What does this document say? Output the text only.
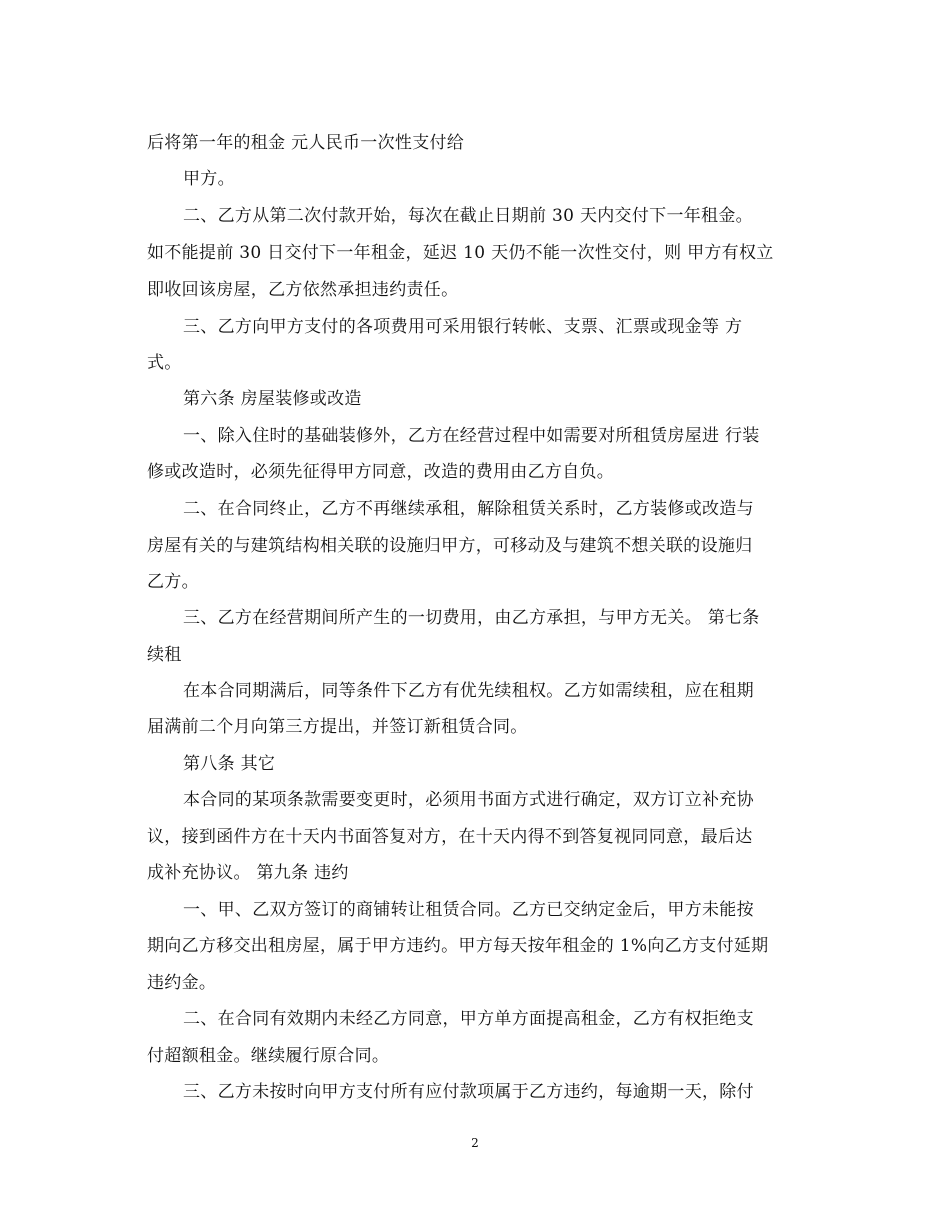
后将第一年的租金 元人民币一次性支付给
甲方。
二、乙方从第二次付款开始，每次在截止日期前 30 天内交付下一年租金。
如不能提前 30 日交付下一年租金，延迟 10 天仍不能一次性交付，则 甲方有权立
即收回该房屋，乙方依然承担违约责任。
三、乙方向甲方支付的各项费用可采用银行转帐、支票、汇票或现金等 方
式。
第六条 房屋装修或改造
一、除入住时的基础装修外，乙方在经营过程中如需要对所租赁房屋进 行装
修或改造时，必须先征得甲方同意，改造的费用由乙方自负。
二、在合同终止，乙方不再继续承租，解除租赁关系时，乙方装修或改造与
房屋有关的与建筑结构相关联的设施归甲方，可移动及与建筑不想关联的设施归
乙方。
三、乙方在经营期间所产生的一切费用，由乙方承担，与甲方无关。 第七条
续租
在本合同期满后，同等条件下乙方有优先续租权。乙方如需续租，应在租期
届满前二个月向第三方提出，并签订新租赁合同。
第八条 其它
本合同的某项条款需要变更时，必须用书面方式进行确定，双方订立补充协
议，接到函件方在十天内书面答复对方，在十天内得不到答复视同同意，最后达
成补充协议。 第九条 违约
一、甲、乙双方签订的商铺转让租赁合同。乙方已交纳定金后，甲方未能按
期向乙方移交出租房屋，属于甲方违约。甲方每天按年租金的 1%向乙方支付延期
违约金。
二、在合同有效期内未经乙方同意，甲方单方面提高租金，乙方有权拒绝支
付超额租金。继续履行原合同。
三、乙方未按时向甲方支付所有应付款项属于乙方违约，每逾期一天，除付
2
